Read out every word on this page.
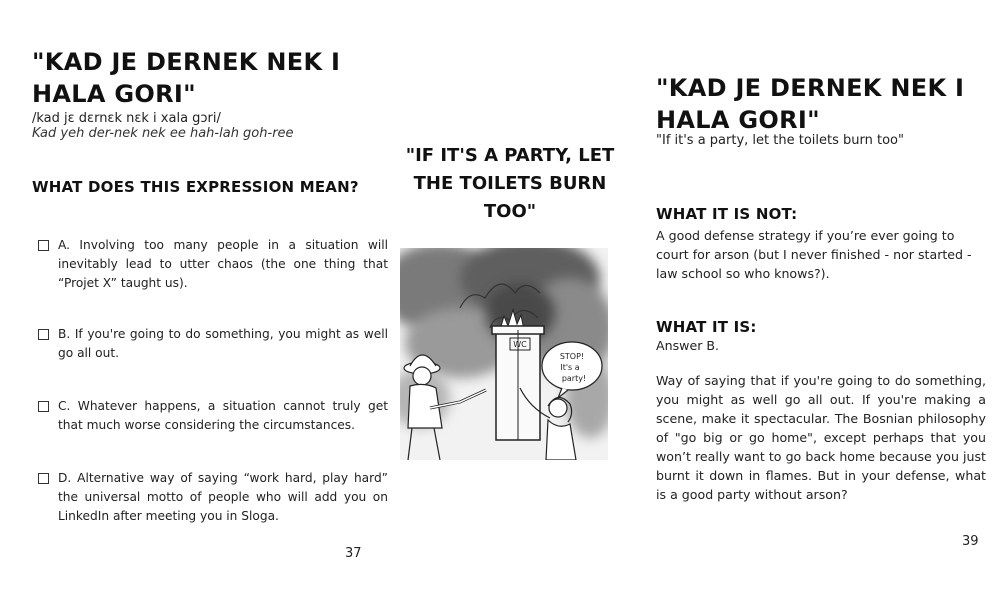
"KAD JE DERNEK NEK I HALA GORI"
/kad jɛ dɛrnɛk nɛk i xala gɔri/
Kad yeh der-nek nek ee hah-lah goh-ree
WHAT DOES THIS EXPRESSION MEAN?
A. Involving too many people in a situation will inevitably lead to utter chaos (the one thing that “Projet X” taught us).
B. If you're going to do something, you might as well go all out.
C. Whatever happens, a situation cannot truly get that much worse considering the circumstances.
D. Alternative way of saying “work hard, play hard” the universal motto of people who will add you on LinkedIn after meeting you in Sloga.
37
"IF IT'S A PARTY, LET THE TOILETS BURN TOO"
WC
STOP!
It's a
party!
"KAD JE DERNEK NEK I HALA GORI"
"If it's a party, let the toilets burn too"
WHAT IT IS NOT:
A good defense strategy if you’re ever going to court for arson (but I never finished - nor started - law school so who knows?).
WHAT IT IS:
Answer B.
Way of saying that if you're going to do something, you might as well go all out. If you're making a scene, make it spectacular. The Bosnian philosophy of "go big or go home", except perhaps that you won’t really want to go back home because you just burnt it down in flames. But in your defense, what is a good party without arson?
39
